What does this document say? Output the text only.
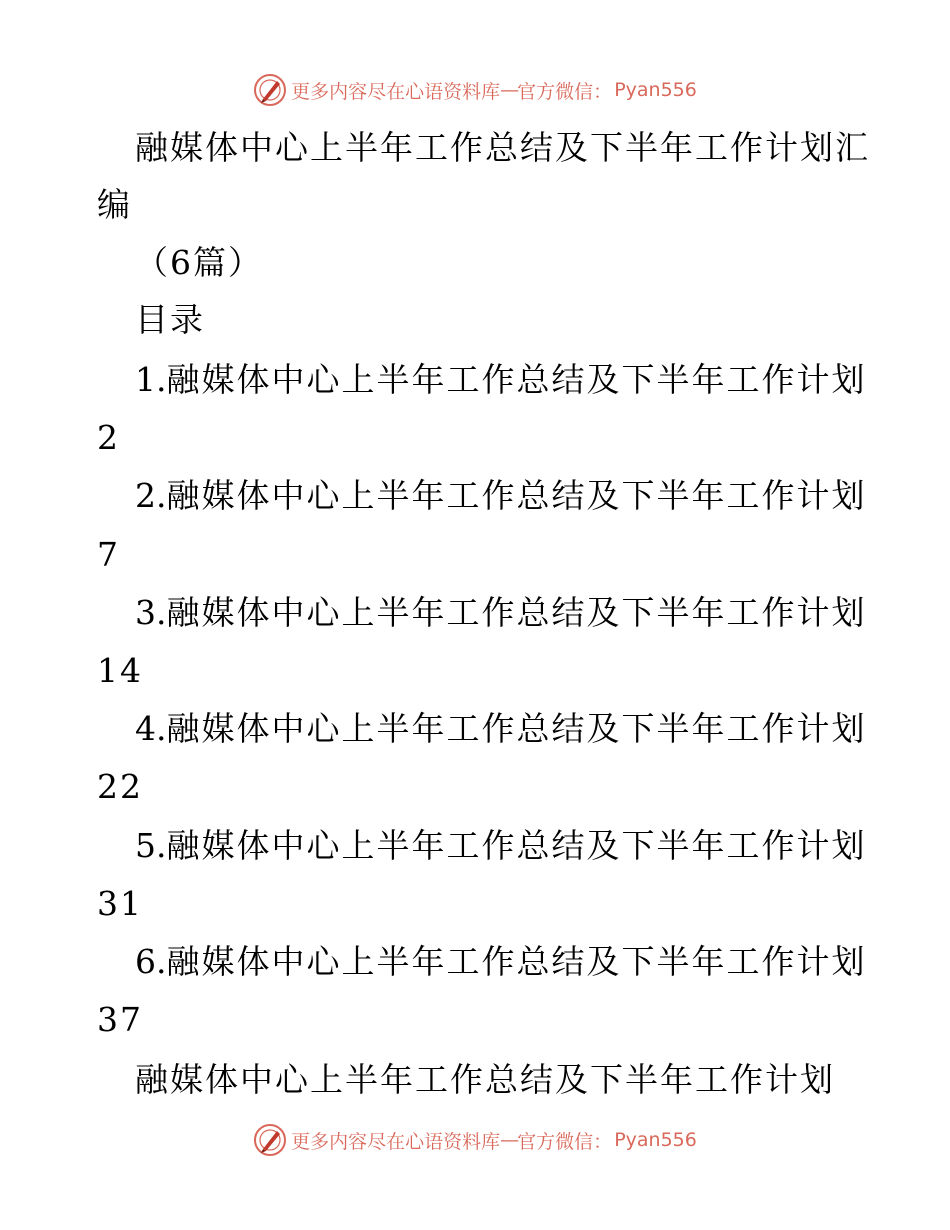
更多内容尽在心语资料库 — 官方微信： Pyan556
融媒体中心上半年工作总结及下半年工作计划汇
编
（6篇）
目录
1.融媒体中心上半年工作总结及下半年工作计划
2
2.融媒体中心上半年工作总结及下半年工作计划
7
3.融媒体中心上半年工作总结及下半年工作计划
14
4.融媒体中心上半年工作总结及下半年工作计划
22
5.融媒体中心上半年工作总结及下半年工作计划
31
6.融媒体中心上半年工作总结及下半年工作计划
37
融媒体中心上半年工作总结及下半年工作计划
更多内容尽在心语资料库 — 官方微信： Pyan556
